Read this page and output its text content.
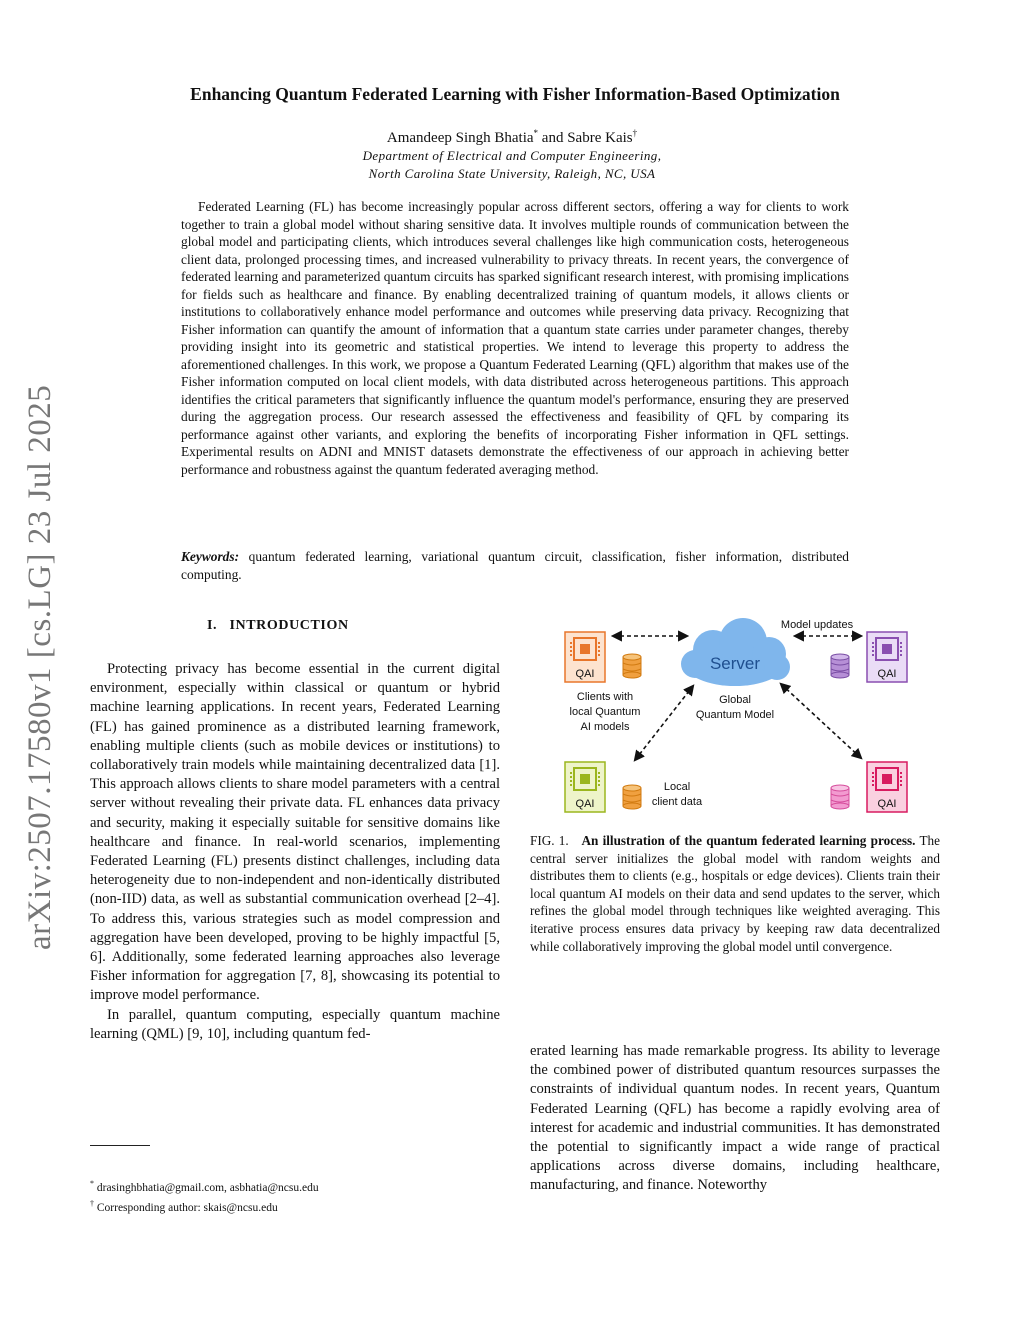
arXiv:2507.17580v1 [cs.LG] 23 Jul 2025
Enhancing Quantum Federated Learning with Fisher Information-Based Optimization
Amandeep Singh Bhatia* and Sabre Kais†
Department of Electrical and Computer Engineering,
North Carolina State University, Raleigh, NC, USA

Federated Learning (FL) has become increasingly popular across different sectors, offering a way for clients to work together to train a global model without sharing sensitive data. It involves multiple rounds of communication between the global model and participating clients, which introduces several challenges like high communication costs, heterogeneous client data, prolonged processing times, and increased vulnerability to privacy threats. In recent years, the convergence of federated learning and parameterized quantum circuits has sparked significant research interest, with promising implications for fields such as healthcare and finance. By enabling decentralized training of quantum models, it allows clients or institutions to collaboratively enhance model performance and outcomes while preserving data privacy. Recognizing that Fisher information can quantify the amount of information that a quantum state carries under parameter changes, thereby providing insight into its geometric and statistical properties. We intend to leverage this property to address the aforementioned challenges. In this work, we propose a Quantum Federated Learning (QFL) algorithm that makes use of the Fisher information computed on local client models, with data distributed across heterogeneous partitions. This approach identifies the critical parameters that significantly influence the quantum model's performance, ensuring they are preserved during the aggregation process. Our research assessed the effectiveness and feasibility of QFL by comparing its performance against other variants, and exploring the benefits of incorporating Fisher information in QFL settings. Experimental results on ADNI and MNIST datasets demonstrate the effectiveness of our approach in achieving better performance and robustness against the quantum federated averaging method.

Keywords: quantum federated learning, variational quantum circuit, classification, fisher information, distributed computing.
I. INTRODUCTION

Protecting privacy has become essential in the current digital environment, especially within classical or quantum or hybrid machine learning applications. In recent years, Federated Learning (FL) has gained prominence as a distributed learning framework, enabling multiple clients (such as mobile devices or institutions) to collaboratively train models while maintaining decentralized data [1]. This approach allows clients to share model parameters with a central server without revealing their private data. FL enhances data privacy and security, making it especially suitable for sensitive domains like healthcare and finance. In real-world scenarios, implementing Federated Learning (FL) presents distinct challenges, including data heterogeneity due to non-independent and non-identically distributed (non-IID) data, as well as substantial communication overhead [2–4]. To address this, various strategies such as model compression and aggregation have been developed, proving to be highly impactful [5, 6]. Additionally, some federated learning approaches also leverage Fisher information for aggregation [7, 8], showcasing its potential to improve model performance.

In parallel, quantum computing, especially quantum machine learning (QML) [9, 10], including quantum fed-

* drasinghbhatia@gmail.com, asbhatia@ncsu.edu
† Corresponding author: skais@ncsu.edu
Server
QAI	QAI
Model updates
Clients with
local Quantum
AI models
Global
Quantum Model
QAI
Local
client data	QAI
FIG. 1. An illustration of the quantum federated learning process. The central server initializes the global model with random weights and distributes them to clients (e.g., hospitals or edge devices). Clients train their local quantum AI models on their data and send updates to the server, which refines the global model through techniques like weighted averaging. This iterative process ensures data privacy by keeping raw data decentralized while collaboratively improving the global model until convergence.

erated learning has made remarkable progress. Its ability to leverage the combined power of distributed quantum resources surpasses the constraints of individual quantum nodes. In recent years, Quantum Federated Learning (QFL) has become a rapidly evolving area of interest for academic and industrial communities. It has demonstrated the potential to significantly impact a wide range of practical applications across diverse domains, including healthcare, manufacturing, and finance. Noteworthy
